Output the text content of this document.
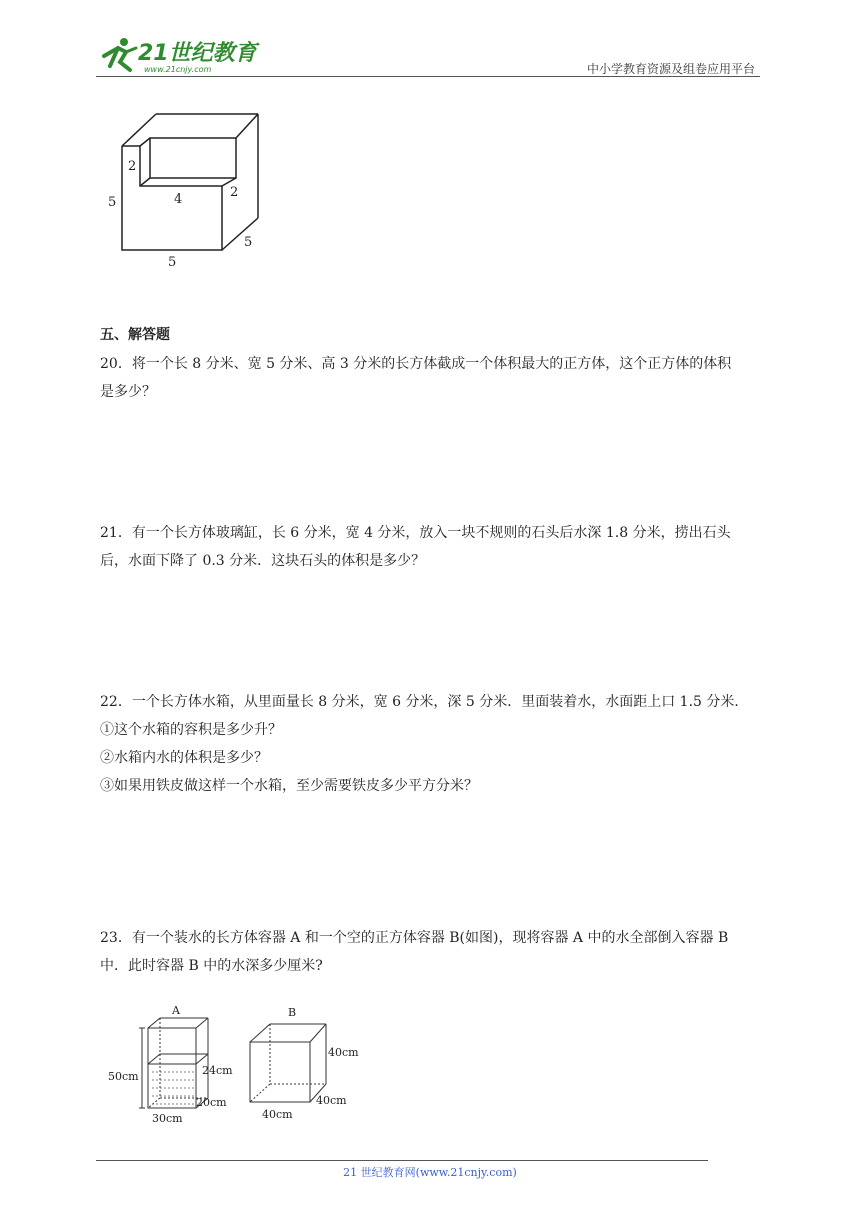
21世纪教育
www.21cnjy.com	中小学教育资源及组卷应用平台
2
4	2
5
5
5
五、解答题
20．将一个长 8 分米、宽 5 分米、高 3 分米的长方体截成一个体积最大的正方体，这个正方体的体积
是多少？
21．有一个长方体玻璃缸，长 6 分米，宽 4 分米，放入一块不规则的石头后水深 1.8 分米，捞出石头
后，水面下降了 0.3 分米．这块石头的体积是多少？
22．一个长方体水箱，从里面量长 8 分米，宽 6 分米，深 5 分米．里面装着水，水面距上口 1.5 分米．
①这个水箱的容积是多少升？
②水箱内水的体积是多少？
③如果用铁皮做这样一个水箱，至少需要铁皮多少平方分米？
23．有一个装水的长方体容器 A 和一个空的正方体容器 B(如图)，现将容器 A 中的水全部倒入容器 B
中．此时容器 B 中的水深多少厘米?
A
50cm	24cm
20cm
30cm
B
40cm
40cm
40cm
21 世纪教育网(www.21cnjy.com)
